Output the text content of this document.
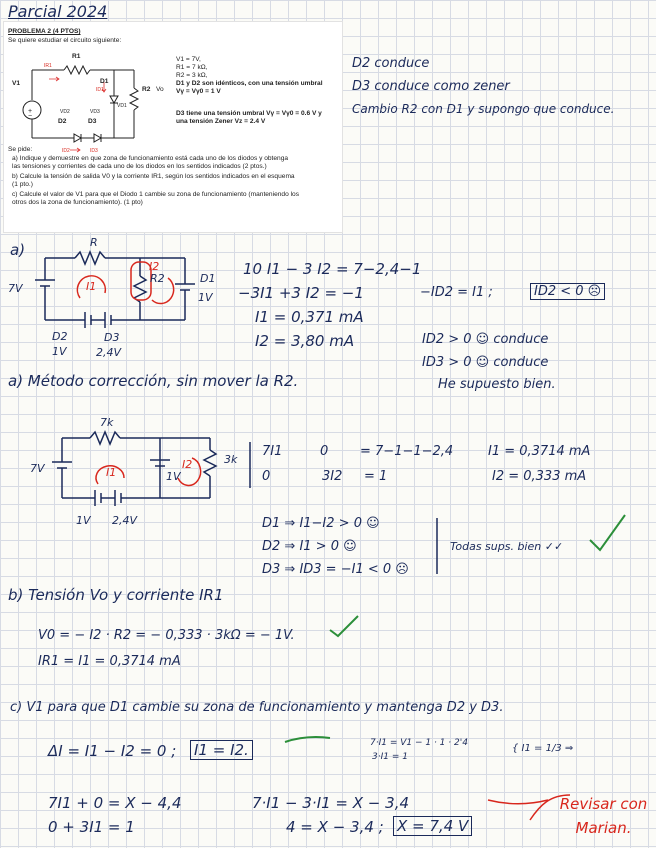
Parcial 2024
PROBLEMA 2 (4 PTOS)
Se quiere estudiar el circuito siguiente:
+
−
R1
V1	D1
R2 Vo
VD1
D2	D3
VD2	VD3
IR1
ID1
ID2	ID3
V1 = 7V,
R1 = 7 kΩ,
R2 = 3 kΩ,
D1 y D2 son idénticos, con una tensión umbral
Vγ = Vγ0 = 1 V
D3 tiene una tensión umbral Vγ = Vγ0 = 0.6 V y
una tensión Zener Vz = 2.4 V
Se pide:
a) Indique y demuestre en que zona de funcionamiento está cada uno de los diodos y obtenga
las tensiones y corrientes de cada uno de los diodos en los sentidos indicados (2 ptos.)
b) Calcule la tensión de salida V0 y la corriente IR1, según los sentidos indicados en el esquema
(1 pto.)
c) Calcule el valor de V1 para que el Diodo 1 cambie su zona de funcionamiento (manteniendo los
otros dos la zona de funcionamiento). (1 pto)
D2 conduce
D3 conduce como zener
Cambio R2 con D1 y supongo que conduce.
a)	R
7V	I1
R2
I2
D1
1V
D2
1V
D3
2,4V
10 I1 − 3 I2 = 7−2,4−1
−3I1 +3 I2 = −1
I1 = 0,371 mA
I2 = 3,80 mA
−ID2 = I1 ;	ID2 < 0 ☹
ID2 > 0 ☺ conduce
ID3 > 0 ☺ conduce
He supuesto bien.
a) Método corrección, sin mover la R2.
7k
7V
3k
I1
I2
1V
1V 2,4V
7I1	0 = 7−1−1−2,4
0	3I2 = 1
I1 = 0,3714 mA
I2 = 0,333 mA
D1 ⇒ I1−I2 > 0 ☺
D2 ⇒ I1 > 0 ☺
D3 ⇒ ID3 = −I1 < 0 ☹
Todas sups. bien ✓✓
b) Tensión Vo y corriente IR1
V0 = − I2 · R2 = − 0,333 · 3kΩ = − 1V.
IR1 = I1 = 0,3714 mA
c) V1 para que D1 cambie su zona de funcionamiento y mantenga D2 y D3.
ΔI = I1 − I2 = 0 ; I1 = I2.	7·I1 = V1 − 1 · 1 · 2'4
3·I1 = 1
{ I1 = 1/3 ⇒
7I1 + 0 = X − 4,4
0 + 3I1 = 1
7·I1 − 3·I1 = X − 3,4
4 = X − 3,4 ; X = 7,4 V
Revisar con Marian.
